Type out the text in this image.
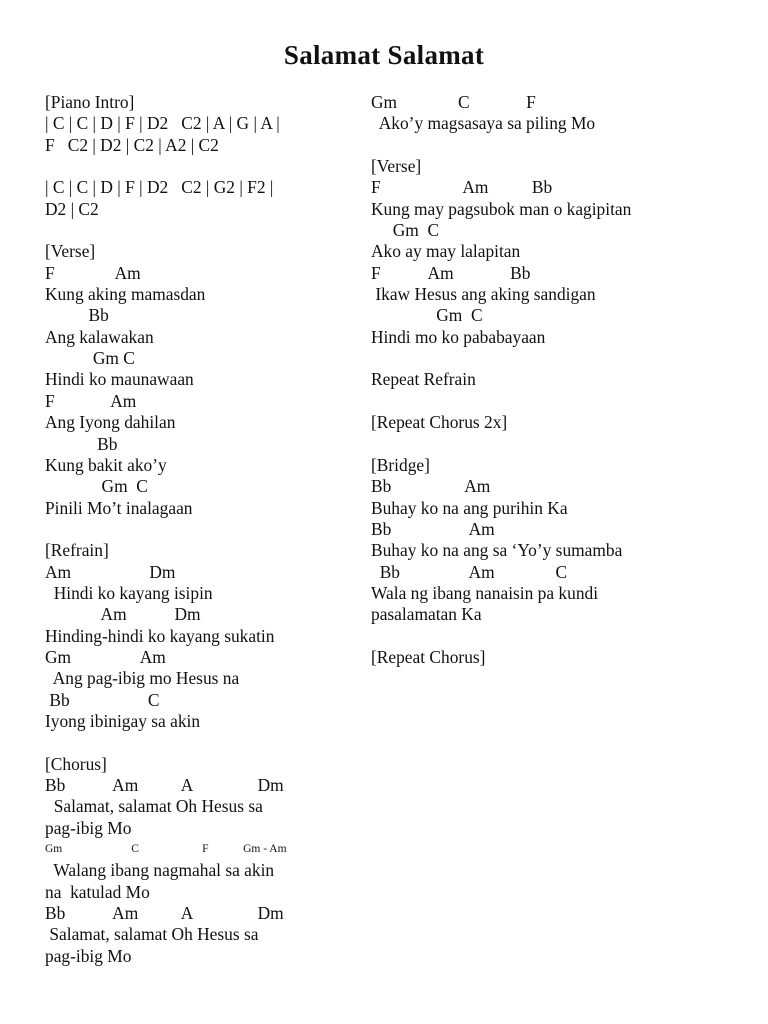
Salamat Salamat
[Piano Intro]
| C | C | D | F | D2   C2 | A | G | A |
F   C2 | D2 | C2 | A2 | C2
| C | C | D | F | D2   C2 | G2 | F2 |
D2 | C2
[Verse]
F              Am
Kung aking mamasdan
Bb
Ang kalawakan
Gm C
Hindi ko maunawaan
F             Am
Ang Iyong dahilan
Bb
Kung bakit ako’y
Gm  C
Pinili Mo’t inalagaan
[Refrain]
Am                  Dm
Hindi ko kayang isipin
Am           Dm
Hinding-hindi ko kayang sukatin
Gm                Am
Ang pag-ibig mo Hesus na
Bb                  C
Iyong ibinigay sa akin
[Chorus]
Bb           Am          A               Dm
Salamat, salamat Oh Hesus sa
pag-ibig Mo
Gm                        C                      F            Gm - Am
Walang ibang nagmahal sa akin
na  katulad Mo
Bb           Am          A               Dm
Salamat, salamat Oh Hesus sa
pag-ibig Mo
Gm              C             F
Ako’y magsasaya sa piling Mo
[Verse]
F                   Am          Bb
Kung may pagsubok man o kagipitan
Gm  C
Ako ay may lalapitan
F           Am             Bb
Ikaw Hesus ang aking sandigan
Gm  C
Hindi mo ko pababayaan
Repeat Refrain
[Repeat Chorus 2x]
[Bridge]
Bb                 Am
Buhay ko na ang purihin Ka
Bb                  Am
Buhay ko na ang sa ‘Yo’y sumamba
Bb                Am              C
Wala ng ibang nanaisin pa kundi
pasalamatan Ka
[Repeat Chorus]
